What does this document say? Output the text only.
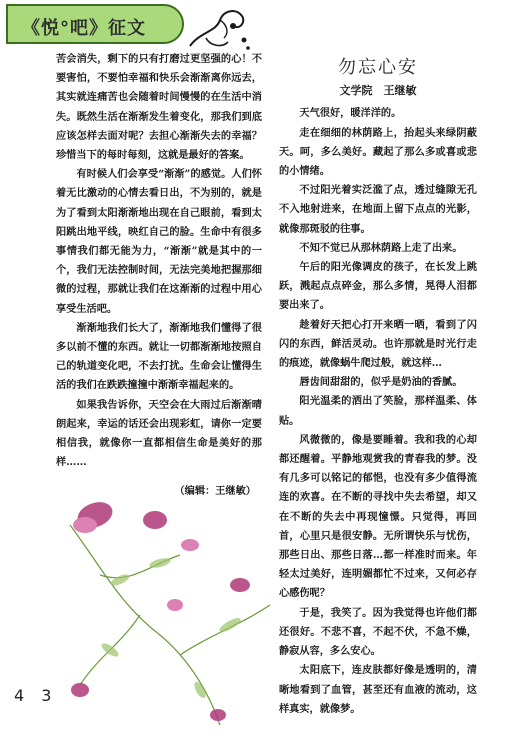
《悦°吧》征文

苦会消失，剩下的只有打磨过更坚强的心！不要害怕，不要怕幸福和快乐会渐渐离你远去，其实就连痛苦也会随着时间慢慢的在生活中消失。既然生活在渐渐发生着变化，那我们到底应该怎样去面对呢？去担心渐渐失去的幸福？珍惜当下的每时每刻，这就是最好的答案。

有时候人们会享受“渐渐”的感觉。人们怀着无比激动的心情去看日出，不为别的，就是为了看到太阳渐渐地出现在自己眼前，看到太阳跳出地平线，映红自己的脸。生命中有很多事情我们都无能为力，“渐渐”就是其中的一个，我们无法控制时间，无法完美地把握那细微的过程，那就让我们在这渐渐的过程中用心享受生活吧。

渐渐地我们长大了，渐渐地我们懂得了很多以前不懂的东西。就让一切都渐渐地按照自己的轨道变化吧，不去打扰。生命会让懂得生活的我们在跌跌撞撞中渐渐幸福起来的。

如果我告诉你，天空会在大雨过后渐渐晴朗起来，幸运的话还会出现彩虹，请你一定要相信我，就像你一直都相信生命是美好的那样……

（编辑：王继敏）

勿忘心安

文学院　王继敏

天气很好，暖洋洋的。

走在细细的林荫路上，抬起头来绿阴蔽天。呵，多么美好。藏起了那么多或喜或悲的小情绪。

不过阳光着实泛滥了点，透过缝隙无孔不入地射进来，在地面上留下点点的光影，就像那斑驳的往事。

不知不觉已从那林荫路上走了出来。

午后的阳光像调皮的孩子，在长发上跳跃，溅起点点碎金，那么多情，晃得人泪都要出来了。

趁着好天把心打开来晒一晒，看到了闪闪的东西，鲜活灵动。也许那就是时光行走的痕迹，就像蜗牛爬过般，就这样…

唇齿间甜甜的，似乎是奶油的香腻。

阳光温柔的洒出了笑脸，那样温柔、体贴。

风微微的，像是要睡着。我和我的心却都还醒着。平静地观赏我的青春我的梦。没有几多可以铭记的郁悒，也没有多少值得流连的欢喜。在不断的寻找中失去希望，却又在不断的失去中再现憧憬。只觉得，再回首，心里只是很安静。无所谓快乐与忧伤，那些日出、那些日落…都一样准时而来。年轻太过美好，连明媚都忙不过来，又何必存心感伤呢？

于是，我笑了。因为我觉得也许他们都还很好。不悲不喜，不起不伏，不急不燥，静寂从容，多么安心。

太阳底下，连皮肤都好像是透明的，清晰地看到了血管，甚至还有血液的流动，这样真实，就像梦。

4 3
